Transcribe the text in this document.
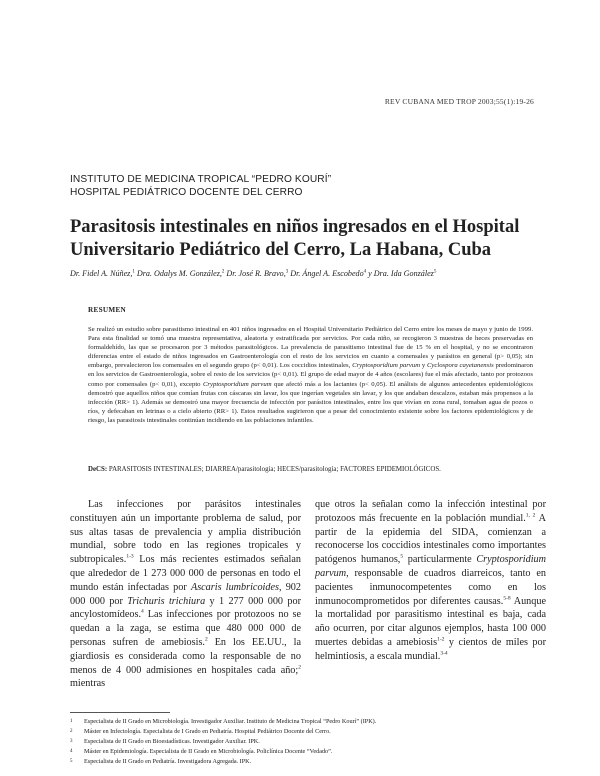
REV CUBANA MED TROP 2003;55(1):19-26
INSTITUTO DE MEDICINA TROPICAL “PEDRO KOURÍ”
HOSPITAL PEDIÁTRICO DOCENTE DEL CERRO
Parasitosis intestinales en niños ingresados en el Hospital Universitario Pediátrico del Cerro, La Habana, Cuba
Dr. Fidel A. Núñez,$^1$ Dra. Odalys M. González,$^2$ Dr. José R. Bravo,$^3$ Dr. Ángel A. Escobedo$^4$ y Dra. Ida González$^5$
RESUMEN
Se realizó un estudio sobre parasitismo intestinal en 401 niños ingresados en el Hospital Universitario Pediátrico del Cerro entre los meses de mayo y junio de 1999. Para esta finalidad se tomó una muestra representativa, aleatoria y estratificada por servicios. Por cada niño, se recogieron 3 muestras de heces preservadas en formaldehído, las que se procesaron por 3 métodos parasitológicos. La prevalencia de parasitismo intestinal fue de 15 % en el hospital, y no se encontraron diferencias entre el estado de niños ingresados en Gastroenterología con el resto de los servicios en cuanto a comensales y parásitos en general (p> 0,05); sin embargo, prevalecieron los comensales en el segundo grupo (p< 0,01). Los coccidios intestinales, Cryptosporidium parvum y Cyclospora cayetanensis predominaron en los servicios de Gastroenterología, sobre el resto de los servicios (p< 0,01). El grupo de edad mayor de 4 años (escolares) fue el más afectado, tanto por protozoos como por comensales (p< 0,01), excepto Cryptosporidium parvum que afectó más a los lactantes (p< 0,05). El análisis de algunos antecedentes epidemiológicos demostró que aquellos niños que comían frutas con cáscaras sin lavar, los que ingerían vegetales sin lavar, y los que andaban descalzos, estaban más propensos a la infección (RR> 1). Además se demostró una mayor frecuencia de infección por parásitos intestinales, entre los que vivían en zona rural, tomaban agua de pozos o ríos, y defecaban en letrinas o a cielo abierto (RR> 1). Estos resultados sugirieron que a pesar del conocimiento existente sobre los factores epidemiológicos y de riesgo, las parasitosis intestinales continúan incidiendo en las poblaciones infantiles.
DeCS: PARASITOSIS INTESTINALES; DIARREA/parasitología; HECES/parasitología; FACTORES EPIDEMIOLÓGICOS.
Las infecciones por parásitos intestinales constituyen aún un importante problema de salud, por sus altas tasas de prevalencia y amplia distribución mundial, sobre todo en las regiones tropicales y subtropicales.$^{1-3}$ Los más recientes estimados señalan que alrededor de 1 273 000 000 de personas en todo el mundo están infectadas por Ascaris lumbricoides, 902 000 000 por Trichuris trichiura y 1 277 000 000 por ancylostomídeos.$^4$ Las infecciones por protozoos no se quedan a la zaga, se estima que 480 000 000 de personas sufren de amebiosis.$^2$ En los EE.UU., la giardiosis es considerada como la responsable de no menos de 4 000 admisiones en hospitales cada año;$^2$ mientras
que otros la señalan como la infección intestinal por protozoos más frecuente en la población mundial.$^{1, 2}$ A partir de la epidemia del SIDA, comienzan a reconocerse los coccidios intestinales como importantes patógenos humanos,$^5$ particularmente Cryptosporidium parvum, responsable de cuadros diarreicos, tanto en pacientes inmunocompetentes como en los inmunocomprometidos por diferentes causas.$^{5-8}$ Aunque la mortalidad por parasitismo intestinal es baja, cada año ocurren, por citar algunos ejemplos, hasta 100 000 muertes debidas a amebiosis$^{1-2}$ y cientos de miles por helmintiosis, a escala mundial.$^{3-4}$
1 Especialista de II Grado en Microbiología. Investigador Auxiliar. Instituto de Medicina Tropical “Pedro Kourí” (IPK).
2 Máster en Infectología. Especialista de I Grado en Pediatría. Hospital Pediátrico Docente del Cerro.
3 Especialista de II Grado en Bioestadísticas. Investigador Auxiliar. IPK.
4 Máster en Epidemiología. Especialista de II Grado en Microbiología. Policlínica Docente “Vedado”.
5 Especialista de II Grado en Pediatría. Investigadora Agregada. IPK.
